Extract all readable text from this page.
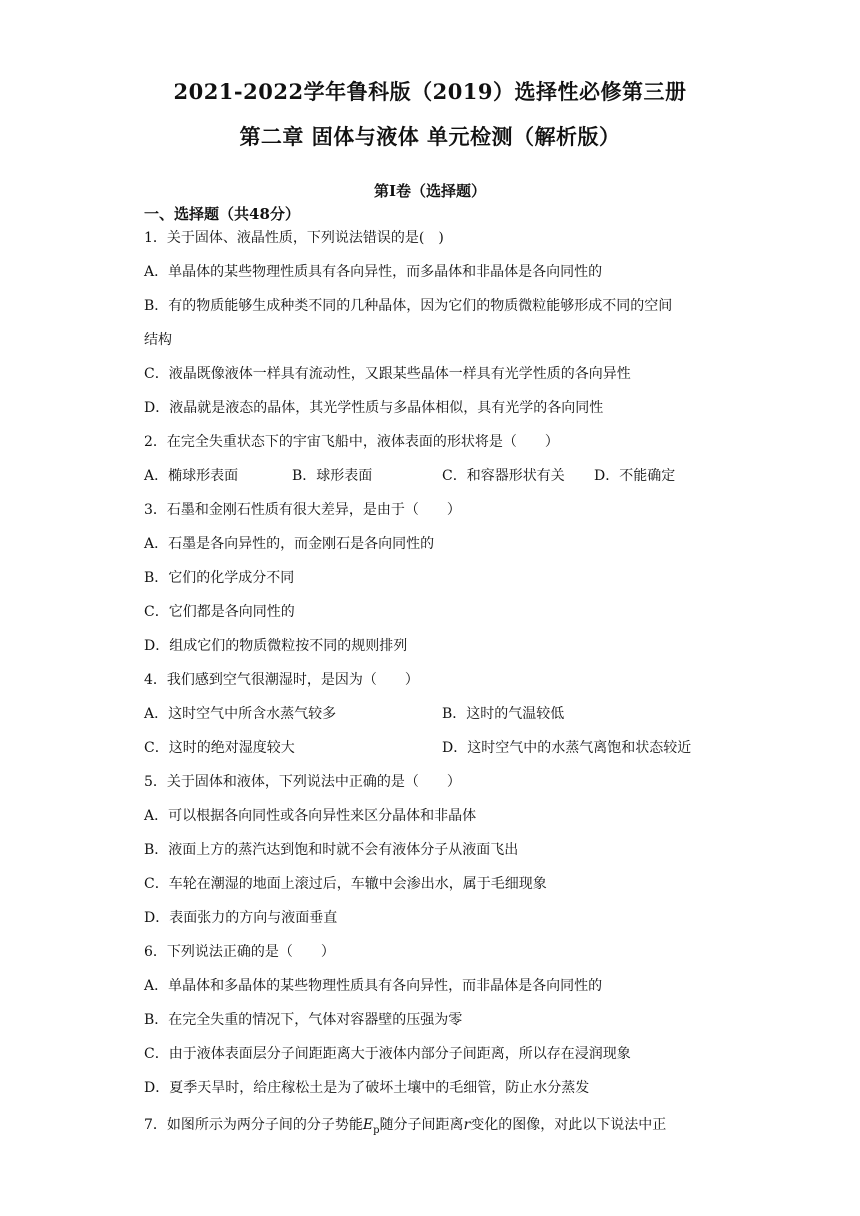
2021-2022学年鲁科版（2019）选择性必修第三册
第二章 固体与液体 单元检测（解析版）
第Ⅰ卷（选择题）
一、选择题（共48分）
1．关于固体、液晶性质，下列说法错误的是(　)
A．单晶体的某些物理性质具有各向异性，而多晶体和非晶体是各向同性的
B．有的物质能够生成种类不同的几种晶体，因为它们的物质微粒能够形成不同的空间
结构
C．液晶既像液体一样具有流动性，又跟某些晶体一样具有光学性质的各向异性
D．液晶就是液态的晶体，其光学性质与多晶体相似，具有光学的各向同性
2．在完全失重状态下的宇宙飞船中，液体表面的形状将是（　　）
A．椭球形表面	B．球形表面	C．和容器形状有关 D．不能确定
3．石墨和金刚石性质有很大差异，是由于（　　）
A．石墨是各向异性的，而金刚石是各向同性的
B．它们的化学成分不同
C．它们都是各向同性的
D．组成它们的物质微粒按不同的规则排列
4．我们感到空气很潮湿时，是因为（　　）
A．这时空气中所含水蒸气较多	B．这时的气温较低
C．这时的绝对湿度较大	D．这时空气中的水蒸气离饱和状态较近
5．关于固体和液体，下列说法中正确的是（　　）
A．可以根据各向同性或各向异性来区分晶体和非晶体
B．液面上方的蒸汽达到饱和时就不会有液体分子从液面飞出
C．车轮在潮湿的地面上滚过后，车辙中会渗出水，属于毛细现象
D．表面张力的方向与液面垂直
6．下列说法正确的是（　　）
A．单晶体和多晶体的某些物理性质具有各向异性，而非晶体是各向同性的
B．在完全失重的情况下，气体对容器壁的压强为零
C．由于液体表面层分子间距距离大于液体内部分子间距离，所以存在浸润现象
D．夏季天旱时，给庄稼松土是为了破坏土壤中的毛细管，防止水分蒸发
7．如图所示为两分子间的分子势能$E_p$随分子间距离r变化的图像，对此以下说法中正
